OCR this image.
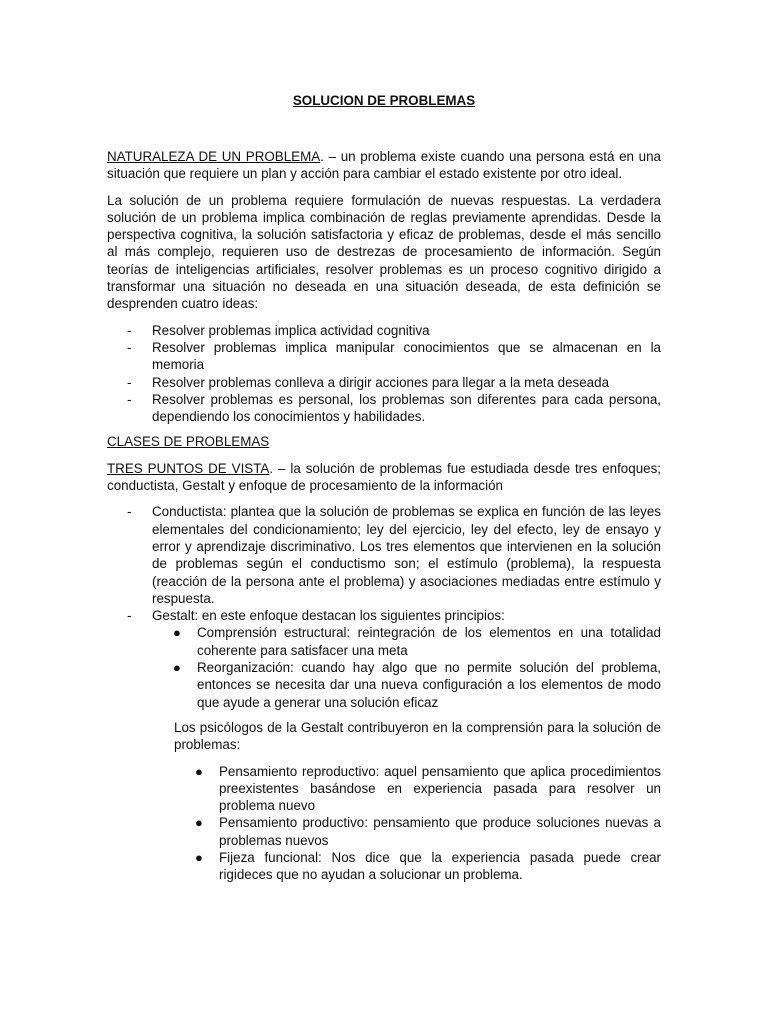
SOLUCION DE PROBLEMAS

NATURALEZA DE UN PROBLEMA. – un problema existe cuando una persona está en una situación que requiere un plan y acción para cambiar el estado existente por otro ideal.

La solución de un problema requiere formulación de nuevas respuestas. La verdadera solución de un problema implica combinación de reglas previamente aprendidas. Desde la perspectiva cognitiva, la solución satisfactoria y eficaz de problemas, desde el más sencillo al más complejo, requieren uso de destrezas de procesamiento de información. Según teorías de inteligencias artificiales, resolver problemas es un proceso cognitivo dirigido a transformar una situación no deseada en una situación deseada, de esta definición se desprenden cuatro ideas:

- Resolver problemas implica actividad cognitiva
- Resolver problemas implica manipular conocimientos que se almacenan en la memoria
- Resolver problemas conlleva a dirigir acciones para llegar a la meta deseada
- Resolver problemas es personal, los problemas son diferentes para cada persona, dependiendo los conocimientos y habilidades.

CLASES DE PROBLEMAS

TRES PUNTOS DE VISTA. – la solución de problemas fue estudiada desde tres enfoques; conductista, Gestalt y enfoque de procesamiento de la información

- Conductista: plantea que la solución de problemas se explica en función de las leyes elementales del condicionamiento; ley del ejercicio, ley del efecto, ley de ensayo y error y aprendizaje discriminativo. Los tres elementos que intervienen en la solución de problemas según el conductismo son; el estímulo (problema), la respuesta (reacción de la persona ante el problema) y asociaciones mediadas entre estímulo y respuesta.
- Gestalt: en este enfoque destacan los siguientes principios:
● Comprensión estructural: reintegración de los elementos en una totalidad coherente para satisfacer una meta
● Reorganización: cuando hay algo que no permite solución del problema, entonces se necesita dar una nueva configuración a los elementos de modo que ayude a generar una solución eficaz

Los psicólogos de la Gestalt contribuyeron en la comprensión para la solución de problemas:

● Pensamiento reproductivo: aquel pensamiento que aplica procedimientos preexistentes basándose en experiencia pasada para resolver un problema nuevo
● Pensamiento productivo: pensamiento que produce soluciones nuevas a problemas nuevos
● Fijeza funcional: Nos dice que la experiencia pasada puede crear rigideces que no ayudan a solucionar un problema.
